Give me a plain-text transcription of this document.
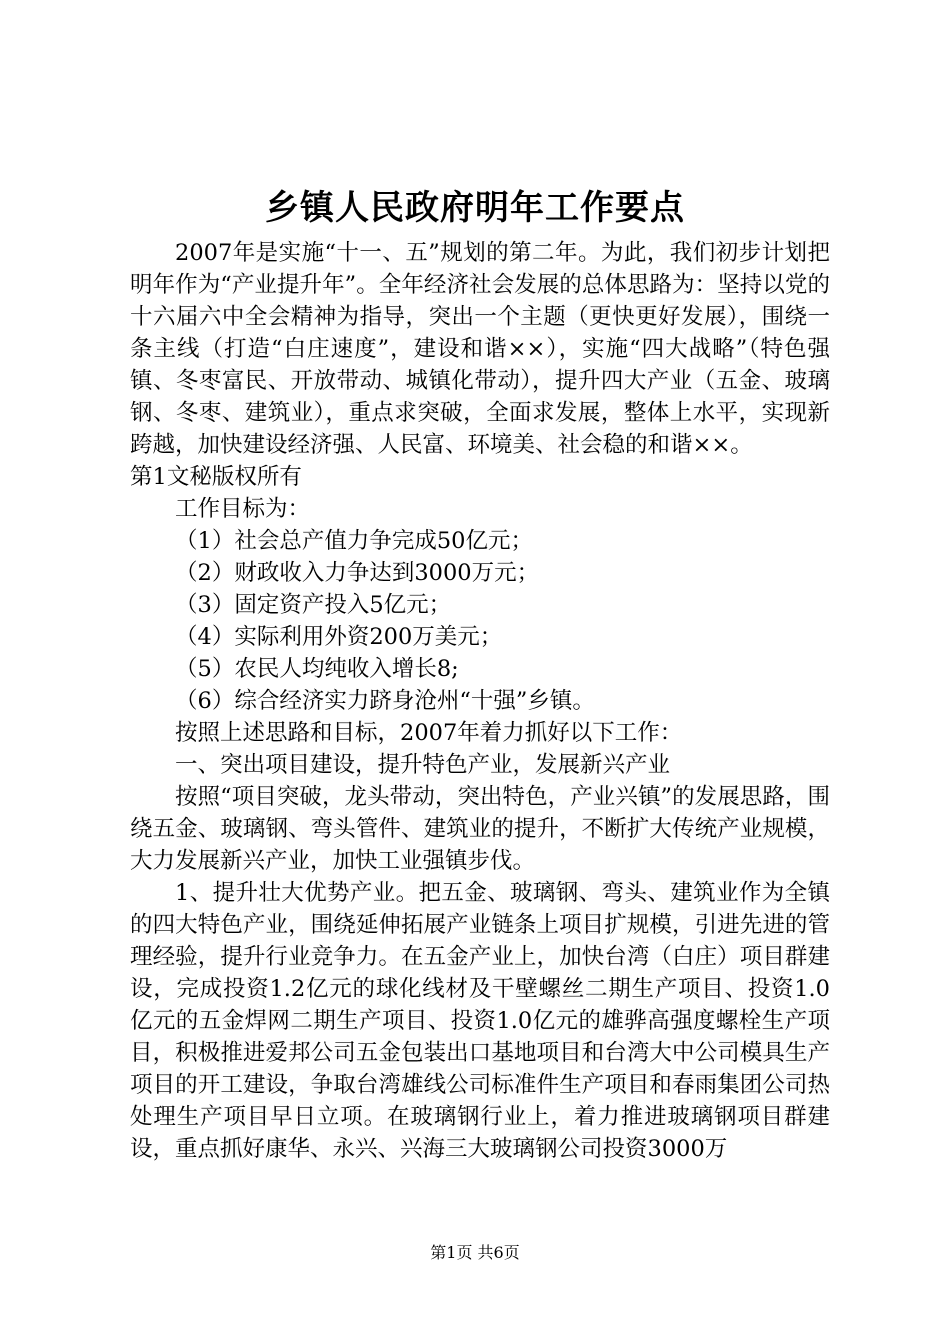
乡镇人民政府明年工作要点

2007年是实施“十一、五”规划的第二年。为此，我们初步计划把明年作为“产业提升年”。全年经济社会发展的总体思路为：坚持以党的十六届六中全会精神为指导，突出一个主题（更快更好发展），围绕一条主线（打造“白庄速度”，建设和谐××），实施“四大战略”（特色强镇、冬枣富民、开放带动、城镇化带动），提升四大产业（五金、玻璃钢、冬枣、建筑业），重点求突破，全面求发展，整体上水平，实现新跨越，加快建设经济强、人民富、环境美、社会稳的和谐××。

第1文秘版权所有

工作目标为：

（1）社会总产值力争完成50亿元；

（2）财政收入力争达到3000万元；

（3）固定资产投入5亿元；

（4）实际利用外资200万美元；

（5）农民人均纯收入增长8;

（6）综合经济实力跻身沧州“十强”乡镇。

按照上述思路和目标，2007年着力抓好以下工作：

一、突出项目建设，提升特色产业，发展新兴产业

按照“项目突破，龙头带动，突出特色，产业兴镇”的发展思路，围绕五金、玻璃钢、弯头管件、建筑业的提升，不断扩大传统产业规模，大力发展新兴产业，加快工业强镇步伐。

1、提升壮大优势产业。把五金、玻璃钢、弯头、建筑业作为全镇的四大特色产业，围绕延伸拓展产业链条上项目扩规模，引进先进的管理经验，提升行业竞争力。在五金产业上，加快台湾（白庄）项目群建设，完成投资1.2亿元的球化线材及干壁螺丝二期生产项目、投资1.0亿元的五金焊网二期生产项目、投资1.0亿元的雄骅高强度螺栓生产项目，积极推进爱邦公司五金包装出口基地项目和台湾大中公司模具生产项目的开工建设，争取台湾雄线公司标准件生产项目和春雨集团公司热处理生产项目早日立项。在玻璃钢行业上，着力推进玻璃钢项目群建设，重点抓好康华、永兴、兴海三大玻璃钢公司投资3000万

第1页 共6页
